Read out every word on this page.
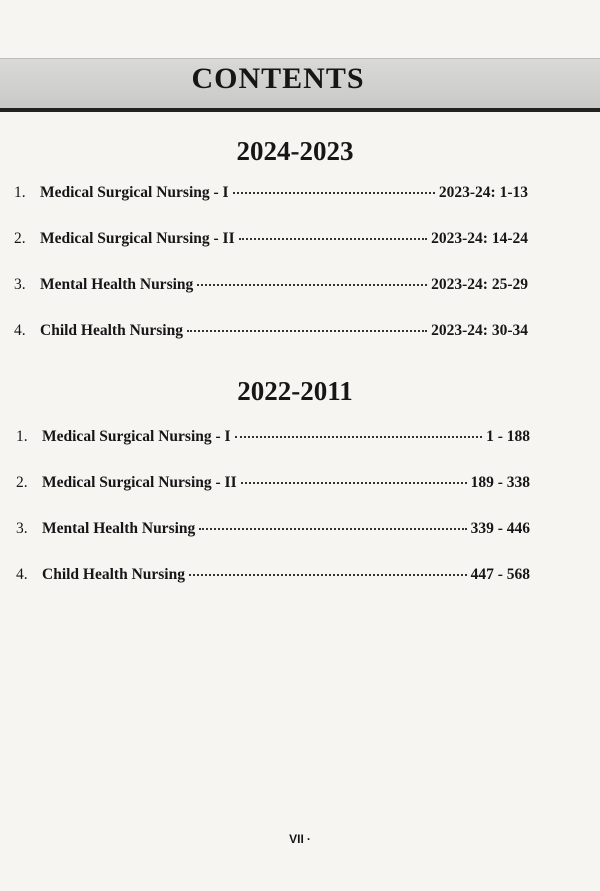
CONTENTS
2024-2023
1. Medical Surgical Nursing - I	2023-24: 1-13
2. Medical Surgical Nursing - II	2023-24: 14-24
3. Mental Health Nursing	2023-24: 25-29
4. Child Health Nursing	2023-24: 30-34
2022-2011
1. Medical Surgical Nursing - I	1 - 188
2. Medical Surgical Nursing - II	189 - 338
3. Mental Health Nursing	339 - 446
4. Child Health Nursing	447 - 568
VII ·
